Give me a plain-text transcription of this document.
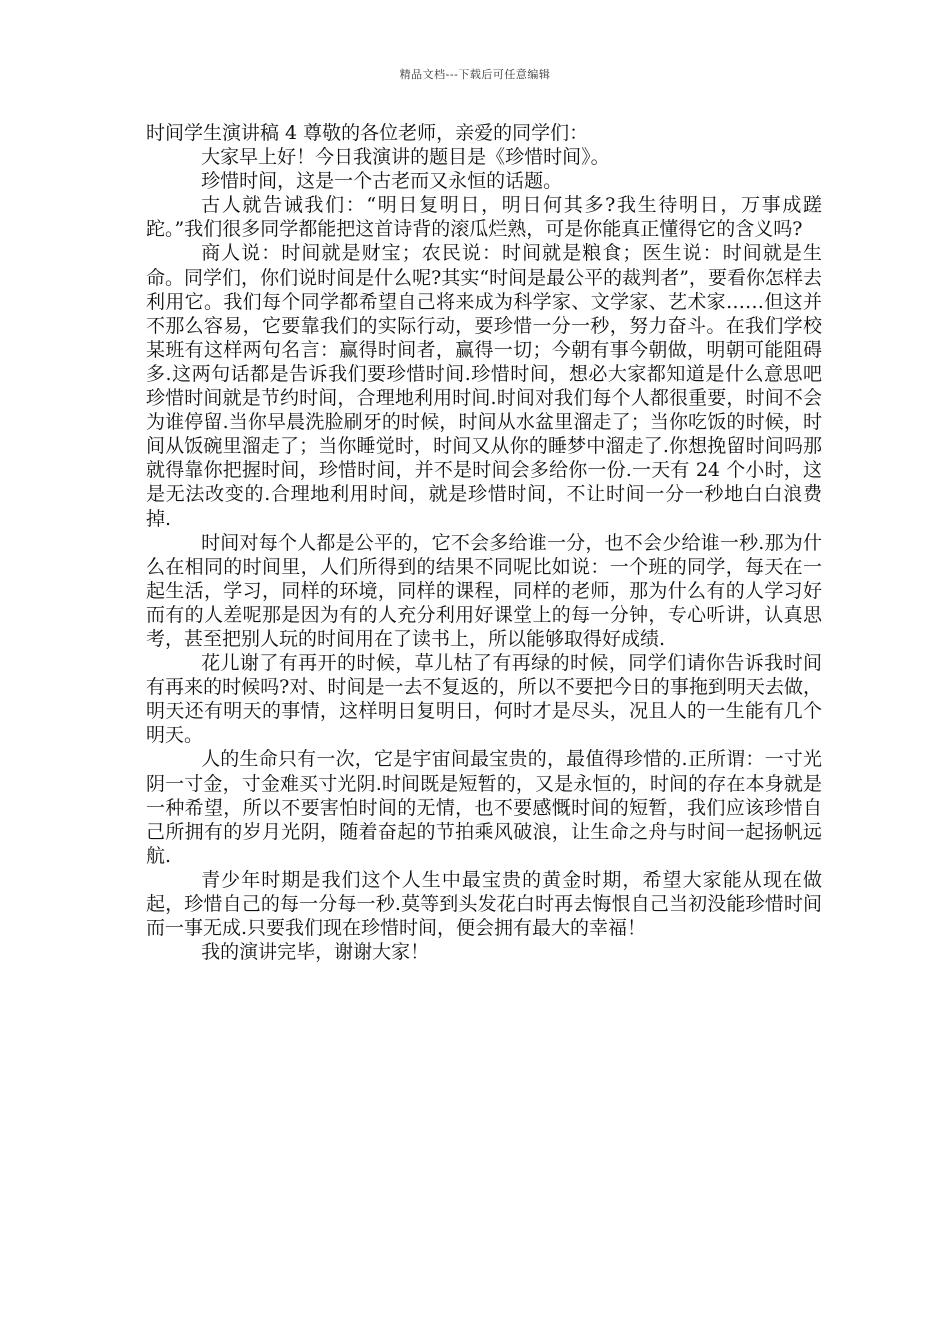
精品文档---下载后可任意编辑

时间学生演讲稿 4 尊敬的各位老师，亲爱的同学们：

大家早上好！今日我演讲的题目是《珍惜时间》。

珍惜时间，这是一个古老而又永恒的话题。

古人就告诫我们：“明日复明日，明日何其多?我生待明日，万事成蹉跎。”我们很多同学都能把这首诗背的滚瓜烂熟，可是你能真正懂得它的含义吗?

商人说：时间就是财宝；农民说：时间就是粮食；医生说：时间就是生命。同学们，你们说时间是什么呢?其实“时间是最公平的裁判者”，要看你怎样去利用它。我们每个同学都希望自己将来成为科学家、文学家、艺术家……但这并不那么容易，它要靠我们的实际行动，要珍惜一分一秒，努力奋斗。在我们学校某班有这样两句名言：赢得时间者，赢得一切；今朝有事今朝做，明朝可能阻碍多.这两句话都是告诉我们要珍惜时间.珍惜时间，想必大家都知道是什么意思吧珍惜时间就是节约时间，合理地利用时间.时间对我们每个人都很重要，时间不会为谁停留.当你早晨洗脸刷牙的时候，时间从水盆里溜走了；当你吃饭的时候，时间从饭碗里溜走了；当你睡觉时，时间又从你的睡梦中溜走了.你想挽留时间吗那就得靠你把握时间，珍惜时间，并不是时间会多给你一份.一天有 24 个小时，这是无法改变的.合理地利用时间，就是珍惜时间，不让时间一分一秒地白白浪费掉.

时间对每个人都是公平的，它不会多给谁一分，也不会少给谁一秒.那为什么在相同的时间里，人们所得到的结果不同呢比如说：一个班的同学，每天在一起生活，学习，同样的环境，同样的课程，同样的老师，那为什么有的人学习好而有的人差呢那是因为有的人充分利用好课堂上的每一分钟，专心听讲，认真思考，甚至把别人玩的时间用在了读书上，所以能够取得好成绩.

花儿谢了有再开的时候，草儿枯了有再绿的时候，同学们请你告诉我时间有再来的时候吗?对、时间是一去不复返的，所以不要把今日的事拖到明天去做，明天还有明天的事情，这样明日复明日，何时才是尽头，况且人的一生能有几个明天。

人的生命只有一次，它是宇宙间最宝贵的，最值得珍惜的.正所谓：一寸光阴一寸金，寸金难买寸光阴.时间既是短暂的，又是永恒的，时间的存在本身就是一种希望，所以不要害怕时间的无情，也不要感慨时间的短暂，我们应该珍惜自己所拥有的岁月光阴，随着奋起的节拍乘风破浪，让生命之舟与时间一起扬帆远航.

青少年时期是我们这个人生中最宝贵的黄金时期，希望大家能从现在做起，珍惜自己的每一分每一秒.莫等到头发花白时再去悔恨自己当初没能珍惜时间而一事无成.只要我们现在珍惜时间，便会拥有最大的幸福！

我的演讲完毕，谢谢大家！
